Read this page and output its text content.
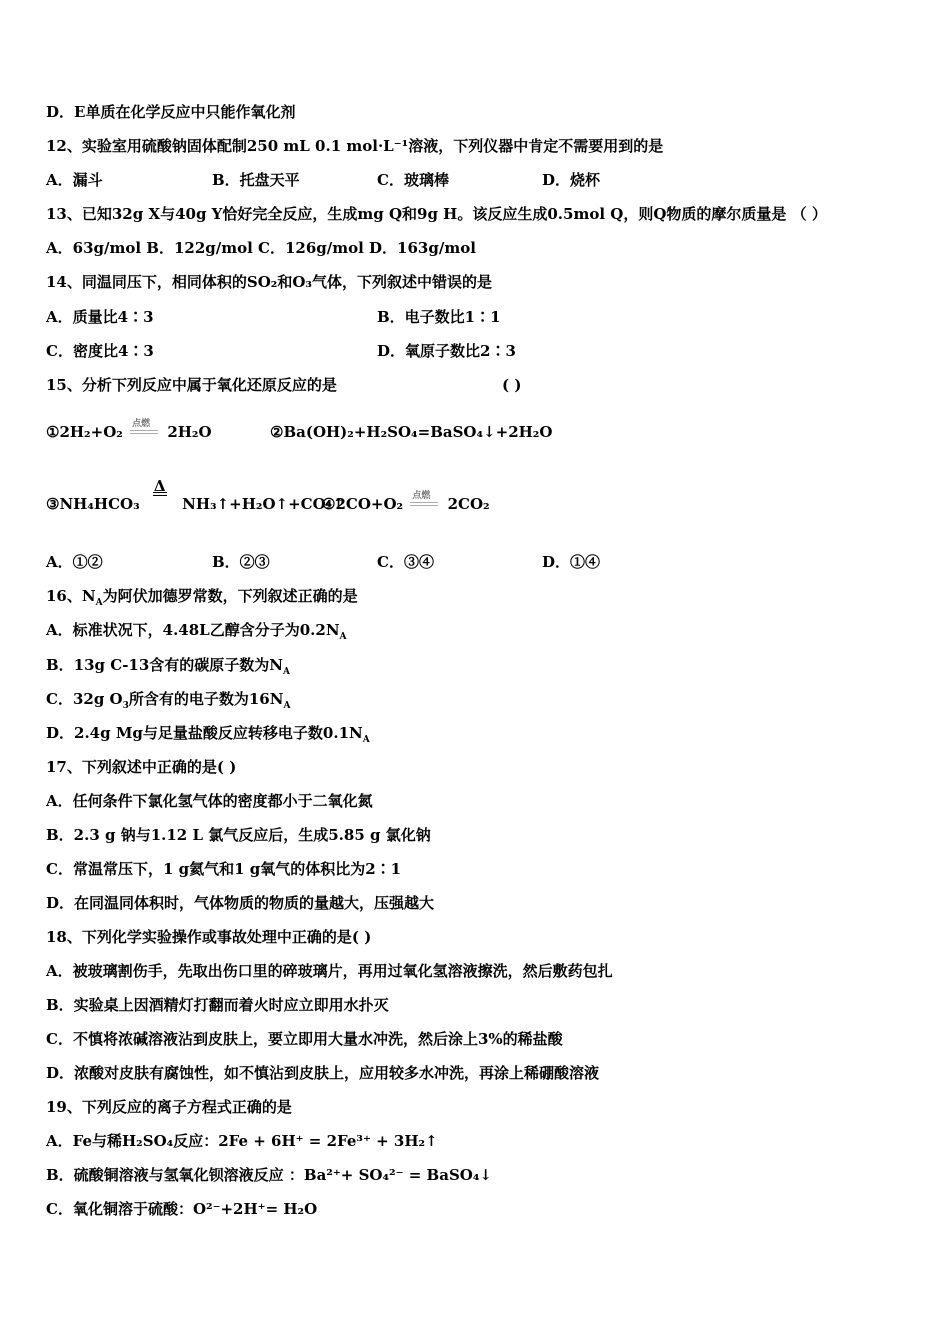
D．E单质在化学反应中只能作氧化剂
12、实验室用硫酸钠固体配制250 mL 0.1 mol·L⁻¹溶液，下列仪器中肯定不需要用到的是
A．漏斗	B．托盘天平	C．玻璃棒	D．烧杯
13、已知32g X与40g Y恰好完全反应，生成mg Q和9g H。该反应生成0.5mol Q，则Q物质的摩尔质量是 （ ）
A．63g/mol B．122g/mol C．126g/mol D．163g/mol
14、同温同压下，相同体积的SO₂和O₃气体，下列叙述中错误的是
A．质量比4∶3	B．电子数比1∶1
C．密度比4∶3	D．氧原子数比2∶3
15、分析下列反应中属于氧化还原反应的是	( )
①2H₂+O₂ 点燃 2H₂O	②Ba(OH)₂+H₂SO₄=BaSO₄↓+2H₂O
③NH₄HCO₃
Δ
NH₃↑+H₂O↑+CO₂↑
④2CO+O₂ 点燃 2CO₂
A．①②	B．②③	C．③④	D．①④
16、$N_A$为阿伏加德罗常数，下列叙述正确的是
A．标准状况下，4.48L乙醇含分子为$0.2N_A$
B．13g C-13含有的碳原子数为$N_A$
C．32g $O_3$所含有的电子数为$16N_A$
D．2.4g Mg与足量盐酸反应转移电子数$0.1N_A$
17、下列叙述中正确的是( )
A．任何条件下氯化氢气体的密度都小于二氧化氮
B．2.3 g 钠与1.12 L 氯气反应后，生成5.85 g 氯化钠
C．常温常压下，1 g氦气和1 g氧气的体积比为2∶1
D．在同温同体积时，气体物质的物质的量越大，压强越大
18、下列化学实验操作或事故处理中正确的是( )
A．被玻璃割伤手，先取出伤口里的碎玻璃片，再用过氧化氢溶液擦洗，然后敷药包扎
B．实验桌上因酒精灯打翻而着火时应立即用水扑灭
C．不慎将浓碱溶液沾到皮肤上，要立即用大量水冲洗，然后涂上3%的稀盐酸
D．浓酸对皮肤有腐蚀性，如不慎沾到皮肤上，应用较多水冲洗，再涂上稀硼酸溶液
19、下列反应的离子方程式正确的是
A．Fe与稀H₂SO₄反应：2Fe + 6H⁺ = 2Fe³⁺ + 3H₂↑
B．硫酸铜溶液与氢氧化钡溶液反应 ：Ba²⁺+ SO₄²⁻ = BaSO₄↓
C．氧化铜溶于硫酸：O²⁻+2H⁺= H₂O
